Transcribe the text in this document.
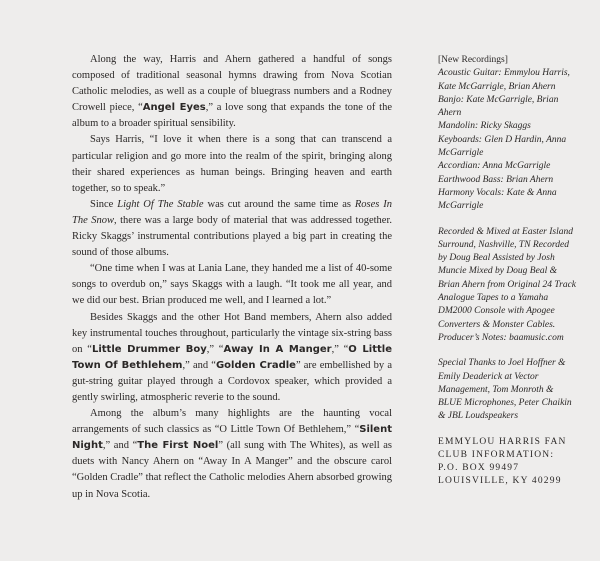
Along the way, Harris and Ahern gathered a handful of songs composed of traditional seasonal hymns drawing from Nova Scotian Catholic melodies, as well as a couple of bluegrass numbers and a Rodney Crowell piece, “Angel Eyes,” a love song that expands the tone of the album to a broader spiritual sensibility.

Says Harris, “I love it when there is a song that can transcend a particular religion and go more into the realm of the spirit, bringing along their shared experiences as human beings. Bringing heaven and earth together, so to speak.”

Since Light Of The Stable was cut around the same time as Roses In The Snow, there was a large body of material that was addressed together. Ricky Skaggs’ instrumental contributions played a big part in creating the sound of those albums.

“One time when I was at Lania Lane, they handed me a list of 40-some songs to overdub on,” says Skaggs with a laugh. “It took me all year, and we did our best. Brian produced me well, and I learned a lot.”

Besides Skaggs and the other Hot Band members, Ahern also added key instrumental touches throughout, particularly the vintage six-string bass on “Little Drummer Boy,” “Away In A Manger,” “O Little Town Of Bethlehem,” and “Golden Cradle” are embellished by a gut-string guitar played through a Cordovox speaker, which provided a gently swirling, atmospheric reverie to the sound.

Among the album’s many highlights are the haunting vocal arrangements of such classics as “O Little Town Of Bethlehem,” “Silent Night,” and “The First Noel” (all sung with The Whites), as well as duets with Nancy Ahern on “Away In A Manger” and the obscure carol “Golden Cradle” that reflect the Catholic melodies Ahern absorbed growing up in Nova Scotia.

[New Recordings]
Acoustic Guitar: Emmylou Harris, Kate McGarrigle, Brian Ahern
Banjo: Kate McGarrigle, Brian Ahern
Mandolin: Ricky Skaggs
Keyboards: Glen D Hardin, Anna McGarrigle
Accordian: Anna McGarrigle
Earthwood Bass: Brian Ahern
Harmony Vocals: Kate & Anna McGarrigle
Recorded & Mixed at Easter Island Surround, Nashville, TN Recorded by Doug Beal Assisted by Josh Muncie Mixed by Doug Beal & Brian Ahern from Original 24 Track Analogue Tapes to a Yamaha DM2000 Console with Apogee Converters & Monster Cables. Producer’s Notes: baamusic.com
Special Thanks to Joel Hoffner & Emily Deaderick at Vector Management, Tom Monroth & BLUE Microphones, Peter Chaikin & JBL Loudspeakers
EMMYLOU HARRIS FAN
CLUB INFORMATION:
P.O. BOX 99497
LOUISVILLE, KY 40299
